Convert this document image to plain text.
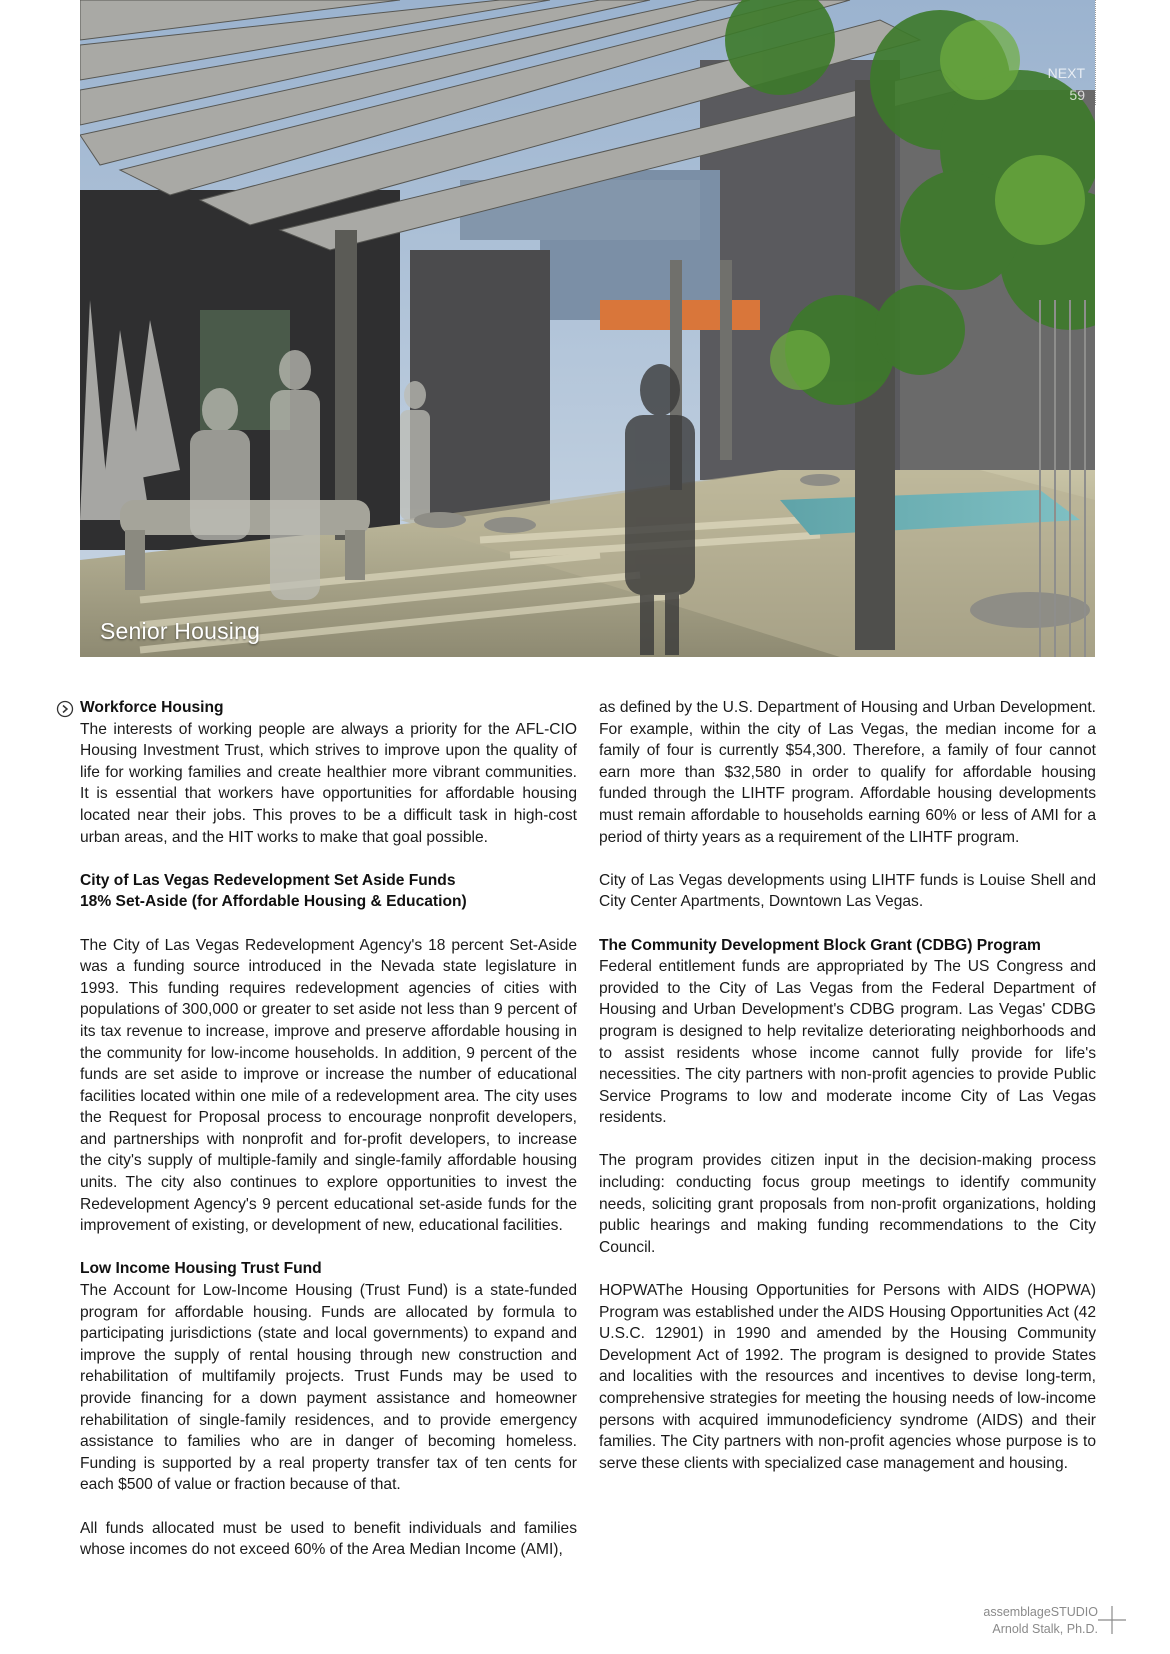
Senior Housing
NEXT
59
Workforce Housing

The interests of working people are always a priority for the AFL-CIO Housing Investment Trust, which strives to improve upon the quality of life for working families and create healthier more vibrant communities. It is essential that workers have opportunities for affordable housing located near their jobs. This proves to be a difficult task in high-cost urban areas, and the HIT works to make that goal possible.

City of Las Vegas Redevelopment Set Aside Funds
18% Set-Aside (for Affordable Housing & Education)

The City of Las Vegas Redevelopment Agency's 18 percent Set-Aside was a funding source introduced in the Nevada state legislature in 1993. This funding requires redevelopment agencies of cities with populations of 300,000 or greater to set aside not less than 9 percent of its tax revenue to increase, improve and preserve affordable housing in the community for low-income households. In addition, 9 percent of the funds are set aside to improve or increase the number of educational facilities located within one mile of a redevelopment area. The city uses the Request for Proposal process to encourage nonprofit developers, and partnerships with nonprofit and for-profit developers, to increase the city's supply of multiple-family and single-family affordable housing units. The city also continues to explore opportunities to invest the Redevelopment Agency's 9 percent educational set-aside funds for the improvement of existing, or development of new, educational facilities.

Low Income Housing Trust Fund

The Account for Low-Income Housing (Trust Fund) is a state-funded program for affordable housing. Funds are allocated by formula to participating jurisdictions (state and local governments) to expand and improve the supply of rental housing through new construction and rehabilitation of multifamily projects. Trust Funds may be used to provide financing for a down payment assistance and homeowner rehabilitation of single-family residences, and to provide emergency assistance to families who are in danger of becoming homeless. Funding is supported by a real property transfer tax of ten cents for each $500 of value or fraction because of that.

All funds allocated must be used to benefit individuals and families whose incomes do not exceed 60% of the Area Median Income (AMI),

as defined by the U.S. Department of Housing and Urban Development. For example, within the city of Las Vegas, the median income for a family of four is currently $54,300. Therefore, a family of four cannot earn more than $32,580 in order to qualify for affordable housing funded through the LIHTF program. Affordable housing developments must remain affordable to households earning 60% or less of AMI for a period of thirty years as a requirement of the LIHTF program.

City of Las Vegas developments using LIHTF funds is Louise Shell and City Center Apartments, Downtown Las Vegas.

The Community Development Block Grant (CDBG) Program

Federal entitlement funds are appropriated by The US Congress and provided to the City of Las Vegas from the Federal Department of Housing and Urban Development's CDBG program. Las Vegas' CDBG program is designed to help revitalize deteriorating neighborhoods and to assist residents whose income cannot fully provide for life's necessities. The city partners with non-profit agencies to provide Public Service Programs to low and moderate income City of Las Vegas residents.

The program provides citizen input in the decision-making process including: conducting focus group meetings to identify community needs, soliciting grant proposals from non-profit organizations, holding public hearings and making funding recommendations to the City Council.

HOPWAThe Housing Opportunities for Persons with AIDS (HOPWA) Program was established under the AIDS Housing Opportunities Act (42 U.S.C. 12901) in 1990 and amended by the Housing Community Development Act of 1992. The program is designed to provide States and localities with the resources and incentives to devise long-term, comprehensive strategies for meeting the housing needs of low-income persons with acquired immunodeficiency syndrome (AIDS) and their families. The City partners with non-profit agencies whose purpose is to serve these clients with specialized case management and housing.

assemblageSTUDIO
Arnold Stalk, Ph.D.
